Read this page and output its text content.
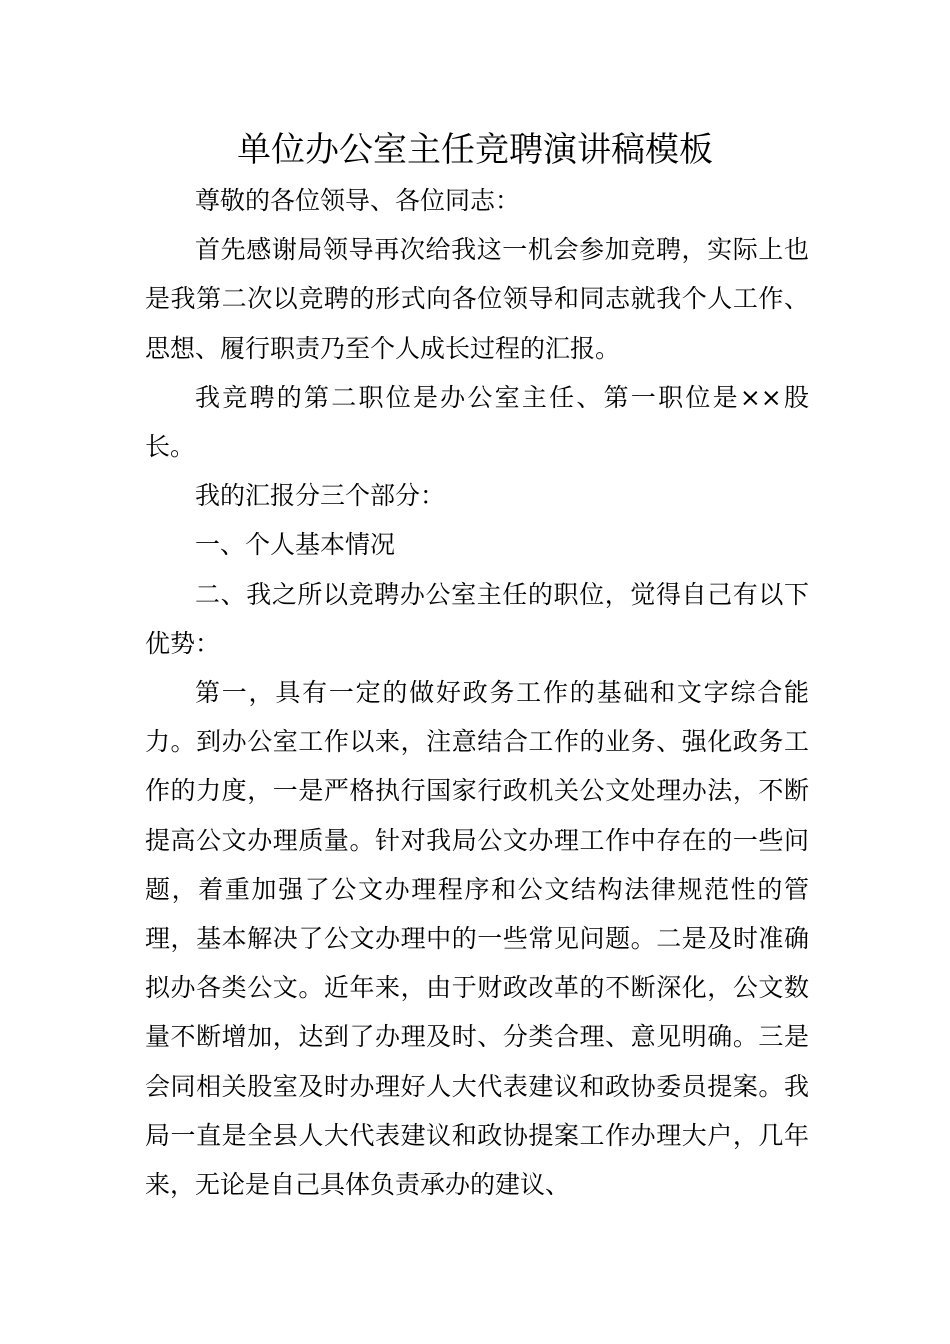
单位办公室主任竞聘演讲稿模板

尊敬的各位领导、各位同志：

首先感谢局领导再次给我这一机会参加竞聘，实际上也是我第二次以竞聘的形式向各位领导和同志就我个人工作、思想、履行职责乃至个人成长过程的汇报。

我竞聘的第二职位是办公室主任、第一职位是××股长。

我的汇报分三个部分：

一、个人基本情况

二、我之所以竞聘办公室主任的职位，觉得自己有以下优势：

第一，具有一定的做好政务工作的基础和文字综合能力。到办公室工作以来，注意结合工作的业务、强化政务工作的力度，一是严格执行国家行政机关公文处理办法，不断提高公文办理质量。针对我局公文办理工作中存在的一些问题，着重加强了公文办理程序和公文结构法律规范性的管理，基本解决了公文办理中的一些常见问题。二是及时准确拟办各类公文。近年来，由于财政改革的不断深化，公文数量不断增加，达到了办理及时、分类合理、意见明确。三是会同相关股室及时办理好人大代表建议和政协委员提案。我局一直是全县人大代表建议和政协提案工作办理大户，几年来，无论是自己具体负责承办的建议、
